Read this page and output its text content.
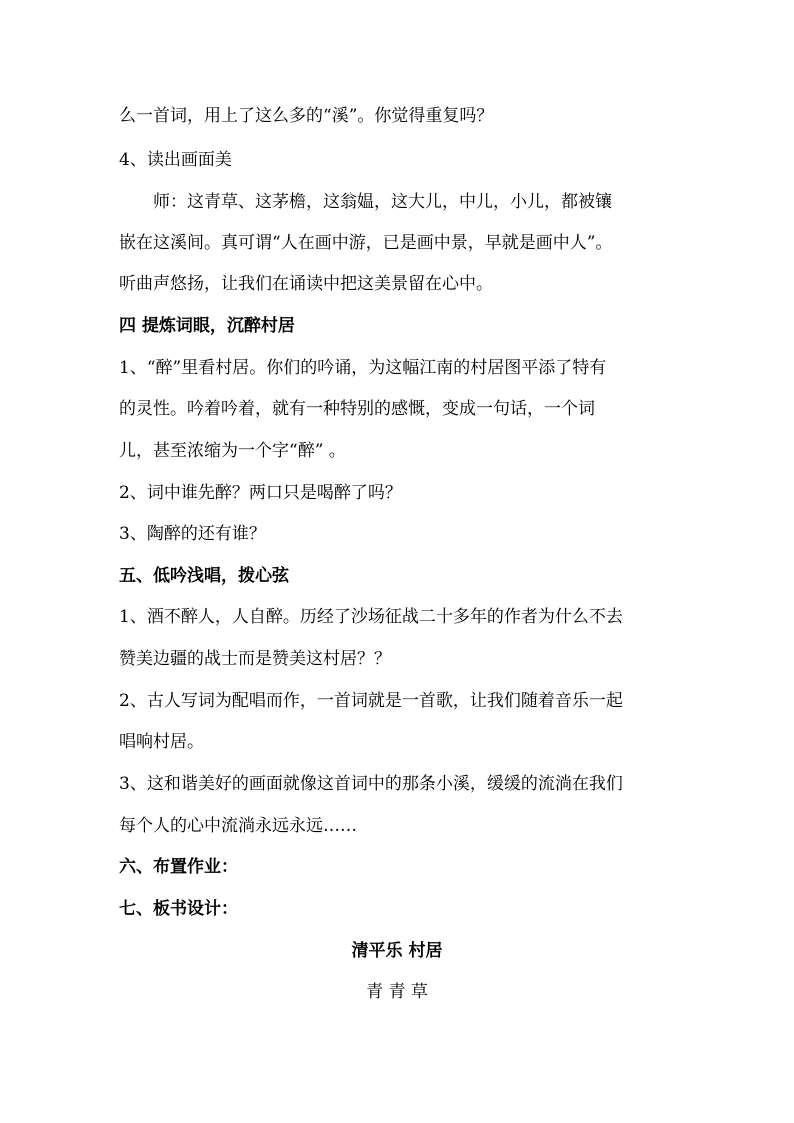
么一首词，用上了这么多的“溪”。你觉得重复吗？
4、读出画面美
师：这青草、这茅檐，这翁媪，这大儿，中儿，小儿，都被镶
嵌在这溪间。真可谓“人在画中游，已是画中景，早就是画中人”。
听曲声悠扬，让我们在诵读中把这美景留在心中。
四 提炼词眼，沉醉村居
1、“醉”里看村居。你们的吟诵，为这幅江南的村居图平添了特有
的灵性。吟着吟着，就有一种特别的感慨，变成一句话，一个词
儿，甚至浓缩为一个字“醉” 。
2、词中谁先醉？两口只是喝醉了吗？
3、陶醉的还有谁？
五、低吟浅唱，拨心弦
1、酒不醉人，人自醉。历经了沙场征战二十多年的作者为什么不去
赞美边疆的战士而是赞美这村居？？
2、古人写词为配唱而作，一首词就是一首歌，让我们随着音乐一起
唱响村居。
3、这和谐美好的画面就像这首词中的那条小溪，缓缓的流淌在我们
每个人的心中流淌永远永远……
六、布置作业：
七、板书设计：
清平乐 村居
青 青 草
